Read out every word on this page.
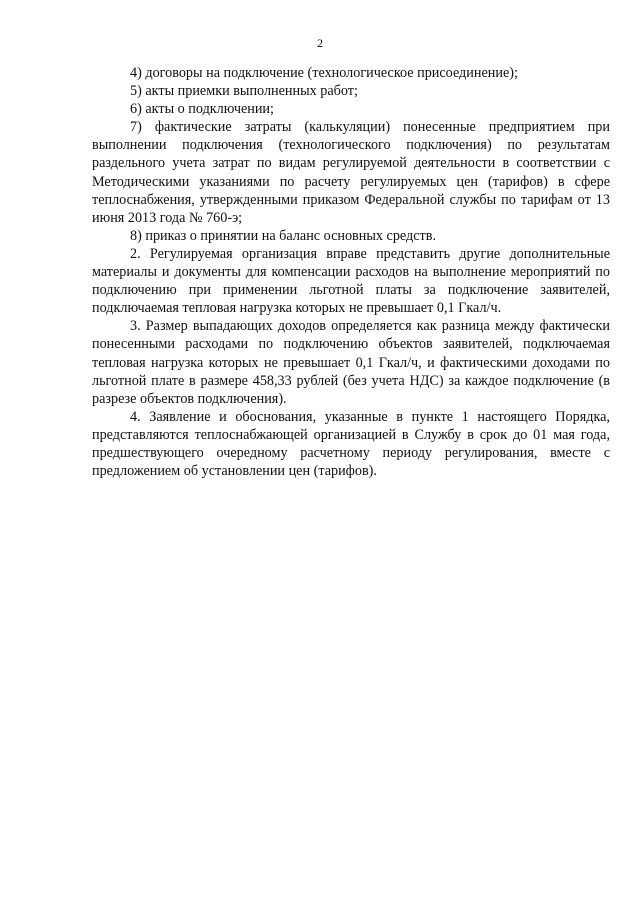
2

4) договоры на подключение (технологическое присоединение);

5) акты приемки выполненных работ;

6) акты о подключении;

7) фактические затраты (калькуляции) понесенные предприятием при выполнении подключения (технологического подключения) по результатам раздельного учета затрат по видам регулируемой деятельности в соответствии с Методическими указаниями по расчету регулируемых цен (тарифов) в сфере теплоснабжения, утвержденными приказом Федеральной службы по тарифам от 13 июня 2013 года № 760-э;

8) приказ о принятии на баланс основных средств.

2. Регулируемая организация вправе представить другие дополнительные материалы и документы для компенсации расходов на выполнение мероприятий по подключению при применении льготной платы за подключение заявителей, подключаемая тепловая нагрузка которых не превышает 0,1 Гкал/ч.

3. Размер выпадающих доходов определяется как разница между фактически понесенными расходами по подключению объектов заявителей, подключаемая тепловая нагрузка которых не превышает 0,1 Гкал/ч, и фактическими доходами по льготной плате в размере 458,33 рублей (без учета НДС) за каждое подключение (в разрезе объектов подключения).

4. Заявление и обоснования, указанные в пункте 1 настоящего Порядка, представляются теплоснабжающей организацией в Службу в срок до 01 мая года, предшествующего очередному расчетному периоду регулирования, вместе с предложением об установлении цен (тарифов).
